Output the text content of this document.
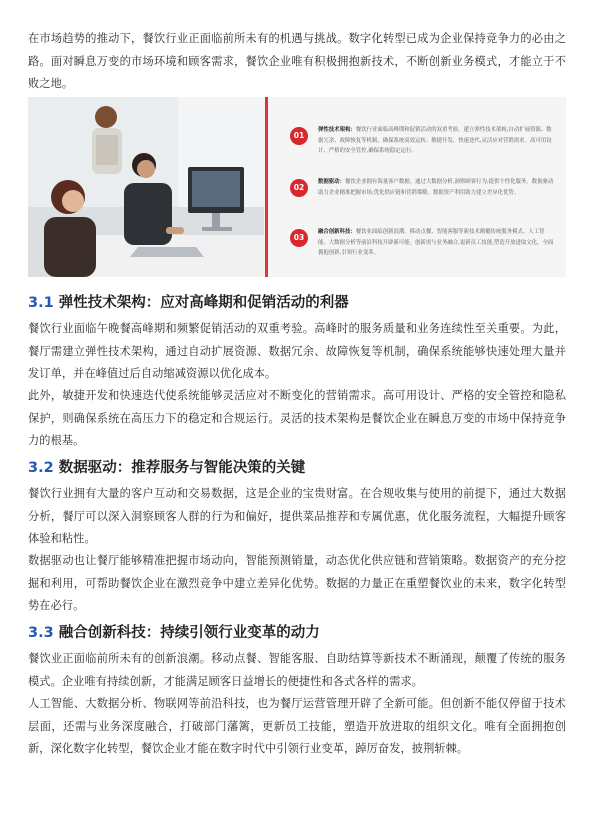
在市场趋势的推动下，餐饮行业正面临前所未有的机遇与挑战。数字化转型已成为企业保持竞争力的必由之路。面对瞬息万变的市场环境和顾客需求，餐饮企业唯有积极拥抱新技术，不断创新业务模式，才能立于不败之地。

01
弹性技术架构：餐饮行业面临高峰期和促销活动的双重考验。建立弹性技术架构,自动扩展资源、数据冗余、故障恢复等机制，确保系统高效运转。敏捷开发、快速迭代,灵活应对营销需求。高可用设计、严格的安全管控,确保系统稳定运行。
02
数据驱动：餐饮企业拥有海量客户数据。通过大数据分析,洞察顾客行为,提供个性化服务。数据驱动助力企业精准把握市场,优化供应链和营销策略。数据资产利用助力建立差异化优势。
03
融合创新科技：餐饮业面临创新浪潮。移动点餐、智能客服等新技术颠覆传统服务模式。人工智能、大数据分析等前沿科技开辟新可能。创新需与业务融合,更新员工技能,塑造开放进取文化。全面拥抱创新,引领行业变革。
3.1 弹性技术架构：应对高峰期和促销活动的利器

餐饮行业面临午晚餐高峰期和频繁促销活动的双重考验。高峰时的服务质量和业务连续性至关重要。为此，餐厅需建立弹性技术架构，通过自动扩展资源、数据冗余、故障恢复等机制，确保系统能够快速处理大量并发订单，并在峰值过后自动缩减资源以优化成本。

此外，敏捷开发和快速迭代使系统能够灵活应对不断变化的营销需求。高可用设计、严格的安全管控和隐私保护，则确保系统在高压力下的稳定和合规运行。灵活的技术架构是餐饮企业在瞬息万变的市场中保持竞争力的根基。

3.2 数据驱动：推荐服务与智能决策的关键

餐饮行业拥有大量的客户互动和交易数据，这是企业的宝贵财富。在合规收集与使用的前提下，通过大数据分析，餐厅可以深入洞察顾客人群的行为和偏好，提供菜品推荐和专属优惠，优化服务流程，大幅提升顾客体验和粘性。

数据驱动也让餐厅能够精准把握市场动向，智能预测销量，动态优化供应链和营销策略。数据资产的充分挖掘和利用，可帮助餐饮企业在激烈竞争中建立差异化优势。数据的力量正在重塑餐饮业的未来，数字化转型势在必行。

3.3 融合创新科技：持续引领行业变革的动力

餐饮业正面临前所未有的创新浪潮。移动点餐、智能客服、自助结算等新技术不断涌现，颠覆了传统的服务模式。企业唯有持续创新，才能满足顾客日益增长的便捷性和各式各样的需求。

人工智能、大数据分析、物联网等前沿科技，也为餐厅运营管理开辟了全新可能。但创新不能仅停留于技术层面，还需与业务深度融合，打破部门藩篱，更新员工技能，塑造开放进取的组织文化。唯有全面拥抱创新，深化数字化转型，餐饮企业才能在数字时代中引领行业变革，踔厉奋发，披荆斩棘。
